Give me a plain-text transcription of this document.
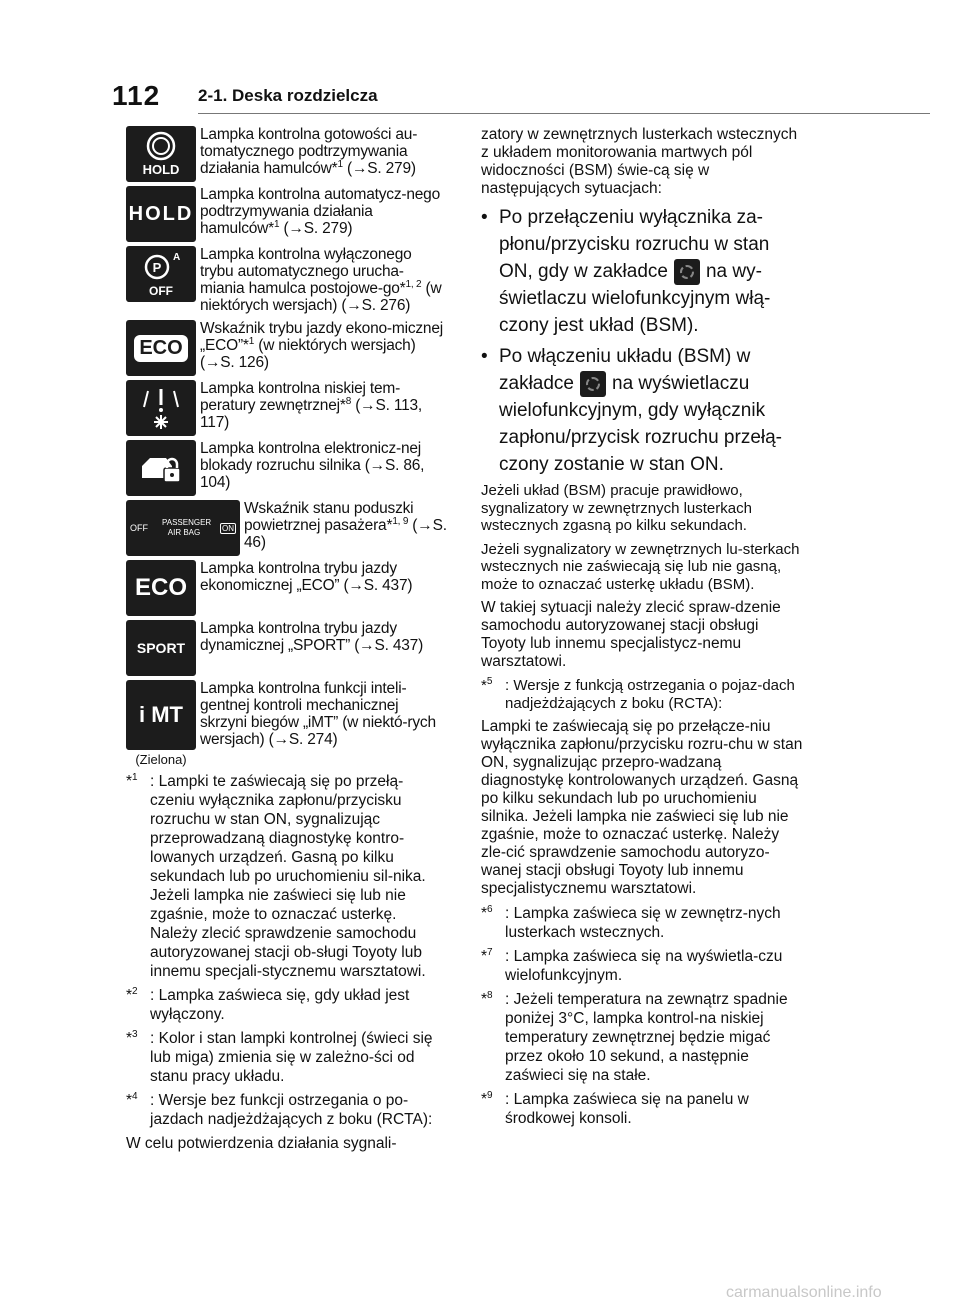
112 2-1. Deska rozdzielcza
HOLD
Lampka kontrolna gotowości au-tomatycznego podtrzymywania działania hamulców*$^1$ (→S. 279)
HOLD
Lampka kontrolna automatycz-nego podtrzymywania działania hamulców*$^1$ (→S. 279)
P
A
OFF
Lampka kontrolna wyłączonego trybu automatycznego urucha-miania hamulca postojowe-go*$^{1, 2}$ (w niektórych wersjach) (→S. 276)
ECO
Wskaźnik trybu jazdy ekono-micznej „ECO”*$^1$ (w niektórych wersjach) (→S. 126)
Lampka kontrolna niskiej tem-peratury zewnętrznej*$^8$ (→S. 113, 117)
Lampka kontrolna elektronicz-nej blokady rozruchu silnika (→S. 86, 104)
OFF
PASSENGER AIR BAG	ON
Wskaźnik stanu poduszki powietrznej pasażera*$^{1, 9}$ (→S. 46)
ECO
Lampka kontrolna trybu jazdy ekonomicznej „ECO” (→S. 437)
SPORT
Lampka kontrolna trybu jazdy dynamicznej „SPORT” (→S. 437)
i MT
(Zielona)
Lampka kontrolna funkcji inteli-gentnej kontroli mechanicznej skrzyni biegów „iMT” (w niektó-rych wersjach) (→S. 274)
*$^1$ : Lampki te zaświecają się po przełą-czeniu wyłącznika zapłonu/przycisku rozruchu w stan ON, sygnalizując przeprowadzaną diagnostykę kontro-lowanych urządzeń. Gasną po kilku sekundach lub po uruchomieniu sil-nika. Jeżeli lampka nie zaświeci się lub nie zgaśnie, może to oznaczać usterkę. Należy zlecić sprawdzenie samochodu autoryzowanej stacji ob-sługi Toyoty lub innemu specjali-stycznemu warsztatowi.
*$^2$ : Lampka zaświeca się, gdy układ jest wyłączony.
*$^3$ : Kolor i stan lampki kontrolnej (świeci się lub miga) zmienia się w zależno-ści od stanu pracy układu.
*$^4$ : Wersje bez funkcji ostrzegania o po-jazdach nadjeżdżających z boku (RCTA):
W celu potwierdzenia działania sygnali-
zatory w zewnętrznych lusterkach wstecznych z układem monitorowania martwych pól widoczności (BSM) świe-cą się w następujących sytuacjach:
• Po przełączeniu wyłącznika za-płonu/przycisku rozruchu w stan ON, gdy w zakładce na wy-świetlaczu wielofunkcyjnym włą-czony jest układ (BSM).
• Po włączeniu układu (BSM) w zakładce na wyświetlaczu wielofunkcyjnym, gdy wyłącznik zapłonu/przycisk rozruchu przełą-czony zostanie w stan ON.
Jeżeli układ (BSM) pracuje prawidłowo, sygnalizatory w zewnętrznych lusterkach wstecznych zgasną po kilku sekundach.
Jeżeli sygnalizatory w zewnętrznych lu-sterkach wstecznych nie zaświecają się lub nie gasną, może to oznaczać usterkę układu (BSM).
W takiej sytuacji należy zlecić spraw-dzenie samochodu autoryzowanej stacji obsługi Toyoty lub innemu specjalistycz-nemu warsztatowi.
*$^5$ : Wersje z funkcją ostrzegania o pojaz-dach nadjeżdżających z boku (RCTA):
Lampki te zaświecają się po przełącze-niu wyłącznika zapłonu/przycisku rozru-chu w stan ON, sygnalizując przepro-wadzaną diagnostykę kontrolowanych urządzeń. Gasną po kilku sekundach lub po uruchomieniu silnika. Jeżeli lampka nie zaświeci się lub nie zgaśnie, może to oznaczać usterkę. Należy zle-cić sprawdzenie samochodu autoryzo-wanej stacji obsługi Toyoty lub innemu specjalistycznemu warsztatowi.
*$^6$ : Lampka zaświeca się w zewnętrz-nych lusterkach wstecznych.
*$^7$ : Lampka zaświeca się na wyświetla-czu wielofunkcyjnym.
*$^8$ : Jeżeli temperatura na zewnątrz spadnie poniżej 3°C, lampka kontrol-na niskiej temperatury zewnętrznej będzie migać przez około 10 sekund, a następnie zaświeci się na stałe.
*$^9$ : Lampka zaświeca się na panelu w środkowej konsoli.
carmanualsonline.info
